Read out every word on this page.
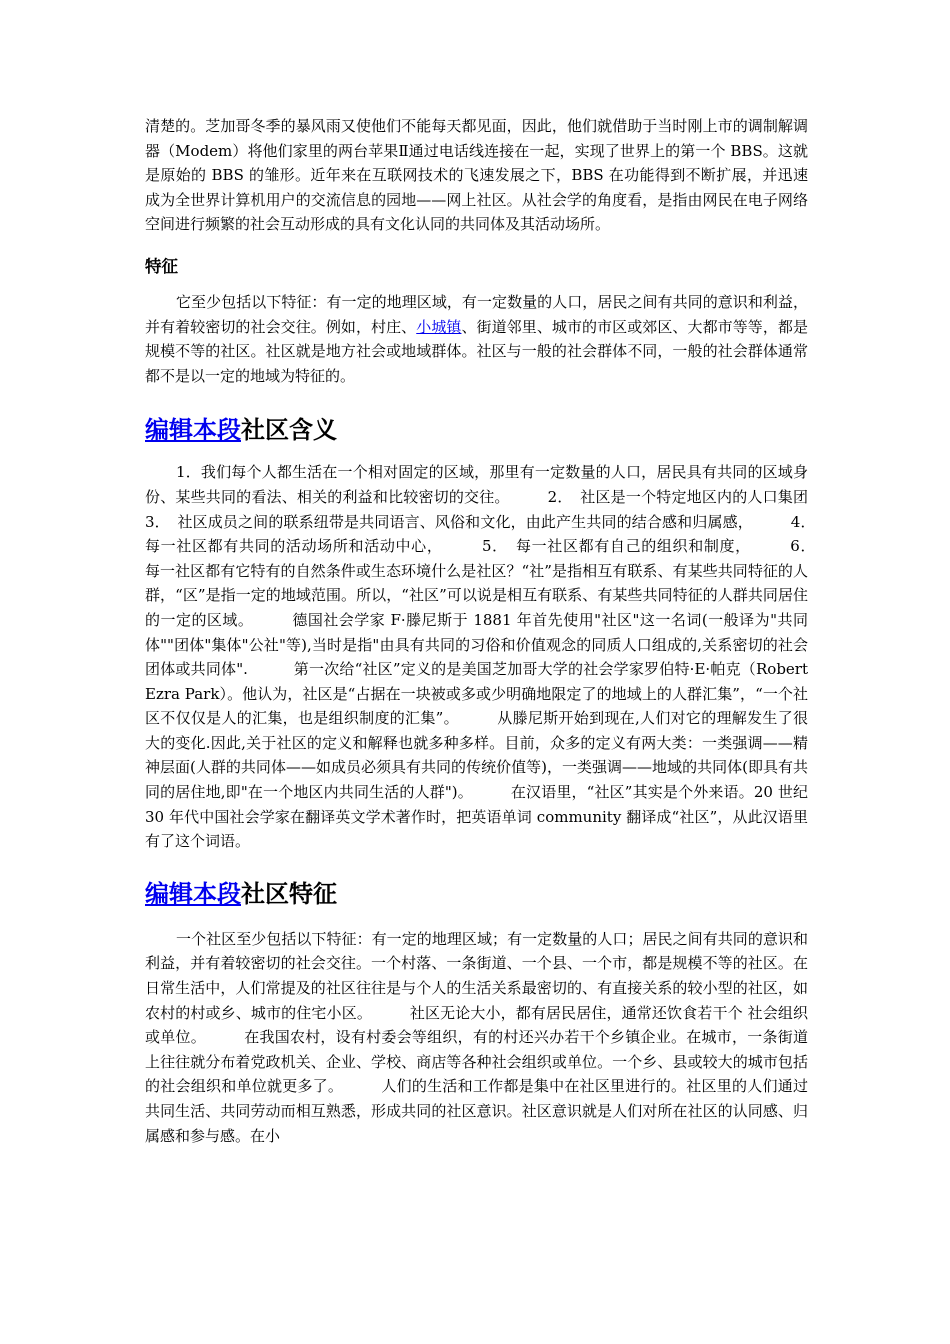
清楚的。芝加哥冬季的暴风雨又使他们不能每天都见面，因此，他们就借助于当时刚上市的调制解调器（Modem）将他们家里的两台苹果Ⅱ通过电话线连接在一起，实现了世界上的第一个 BBS。这就是原始的 BBS 的雏形。近年来在互联网技术的飞速发展之下，BBS 在功能得到不断扩展，并迅速成为全世界计算机用户的交流信息的园地——网上社区。从社会学的角度看，是指由网民在电子网络空间进行频繁的社会互动形成的具有文化认同的共同体及其活动场所。

特征

它至少包括以下特征：有一定的地理区域，有一定数量的人口，居民之间有共同的意识和利益，并有着较密切的社会交往。例如，村庄、小城镇、街道邻里、城市的市区或郊区、大都市等等，都是规模不等的社区。社区就是地方社会或地域群体。社区与一般的社会群体不同，一般的社会群体通常都不是以一定的地域为特征的。

编辑本段社区含义

1．我们每个人都生活在一个相对固定的区域，那里有一定数量的人口，居民具有共同的区域身份、某些共同的看法、相关的利益和比较密切的交往。　　　2．　社区是一个特定地区内的人口集团　　3．　社区成员之间的联系纽带是共同语言、风俗和文化，由此产生共同的结合感和归属感，　　　4．　每一社区都有共同的活动场所和活动中心，　　　5．　每一社区都有自己的组织和制度，　　　6．　每一社区都有它特有的自然条件或生态环境什么是社区？“社”是指相互有联系、有某些共同特征的人群，“区”是指一定的地域范围。所以，“社区”可以说是相互有联系、有某些共同特征的人群共同居住的一定的区域。　　　德国社会学家 F·滕尼斯于 1881 年首先使用"社区"这一名词(一般译为"共同体""团体"集体"公社"等),当时是指"由具有共同的习俗和价值观念的同质人口组成的,关系密切的社会团体或共同体".　　　第一次给“社区”定义的是美国芝加哥大学的社会学家罗伯特·E·帕克（Robert Ezra Park）。他认为，社区是“占据在一块被或多或少明确地限定了的地域上的人群汇集”，“一个社区不仅仅是人的汇集，也是组织制度的汇集”。　　　从滕尼斯开始到现在,人们对它的理解发生了很大的变化.因此,关于社区的定义和解释也就多种多样。目前，众多的定义有两大类：一类强调——精神层面(人群的共同体——如成员必须具有共同的传统价值等)，一类强调——地域的共同体(即具有共同的居住地,即"在一个地区内共同生活的人群")。　　　在汉语里，“社区”其实是个外来语。20 世纪 30 年代中国社会学家在翻译英文学术著作时，把英语单词 community 翻译成“社区”，从此汉语里有了这个词语。

编辑本段社区特征

一个社区至少包括以下特征：有一定的地理区域；有一定数量的人口；居民之间有共同的意识和利益，并有着较密切的社会交往。一个村落、一条街道、一个县、一个市，都是规模不等的社区。在日常生活中，人们常提及的社区往往是与个人的生活关系最密切的、有直接关系的较小型的社区，如农村的村或乡、城市的住宅小区。　　　社区无论大小，都有居民居住，通常还饮食若干个 社会组织或单位。　　　在我国农村，设有村委会等组织，有的村还兴办若干个乡镇企业。在城市，一条街道上往往就分布着党政机关、企业、学校、商店等各种社会组织或单位。一个乡、县或较大的城市包括的社会组织和单位就更多了。　　　人们的生活和工作都是集中在社区里进行的。社区里的人们通过共同生活、共同劳动而相互熟悉，形成共同的社区意识。社区意识就是人们对所在社区的认同感、归属感和参与感。在小
